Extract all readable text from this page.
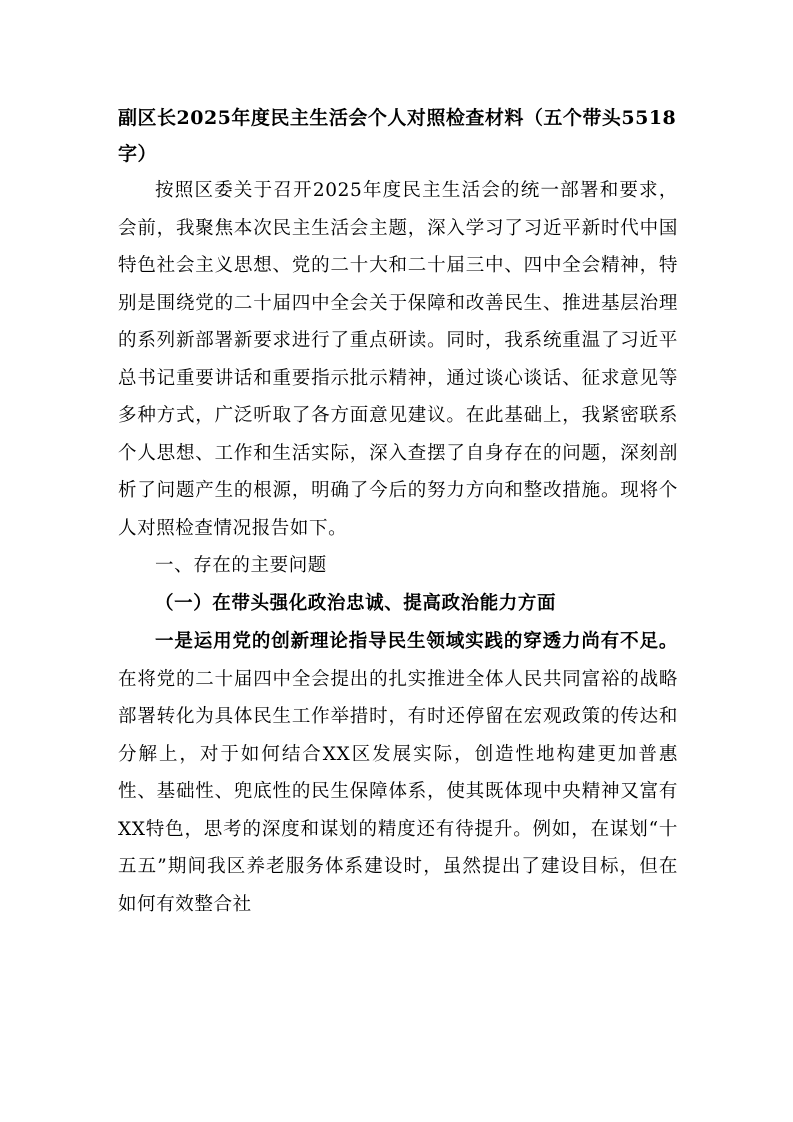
副区长2025年度民主生活会个人对照检查材料（五个带头5518字）

按照区委关于召开2025年度民主生活会的统一部署和要求，会前，我聚焦本次民主生活会主题，深入学习了习近平新时代中国特色社会主义思想、党的二十大和二十届三中、四中全会精神，特别是围绕党的二十届四中全会关于保障和改善民生、推进基层治理的系列新部署新要求进行了重点研读。同时，我系统重温了习近平总书记重要讲话和重要指示批示精神，通过谈心谈话、征求意见等多种方式，广泛听取了各方面意见建议。在此基础上，我紧密联系个人思想、工作和生活实际，深入查摆了自身存在的问题，深刻剖析了问题产生的根源，明确了今后的努力方向和整改措施。现将个人对照检查情况报告如下。

一、存在的主要问题

（一）在带头强化政治忠诚、提高政治能力方面

一是运用党的创新理论指导民生领域实践的穿透力尚有不足。在将党的二十届四中全会提出的扎实推进全体人民共同富裕的战略部署转化为具体民生工作举措时，有时还停留在宏观政策的传达和分解上，对于如何结合XX区发展实际，创造性地构建更加普惠性、基础性、兜底性的民生保障体系，使其既体现中央精神又富有XX特色，思考的深度和谋划的精度还有待提升。例如，在谋划“十五五”期间我区养老服务体系建设时，虽然提出了建设目标，但在如何有效整合社
